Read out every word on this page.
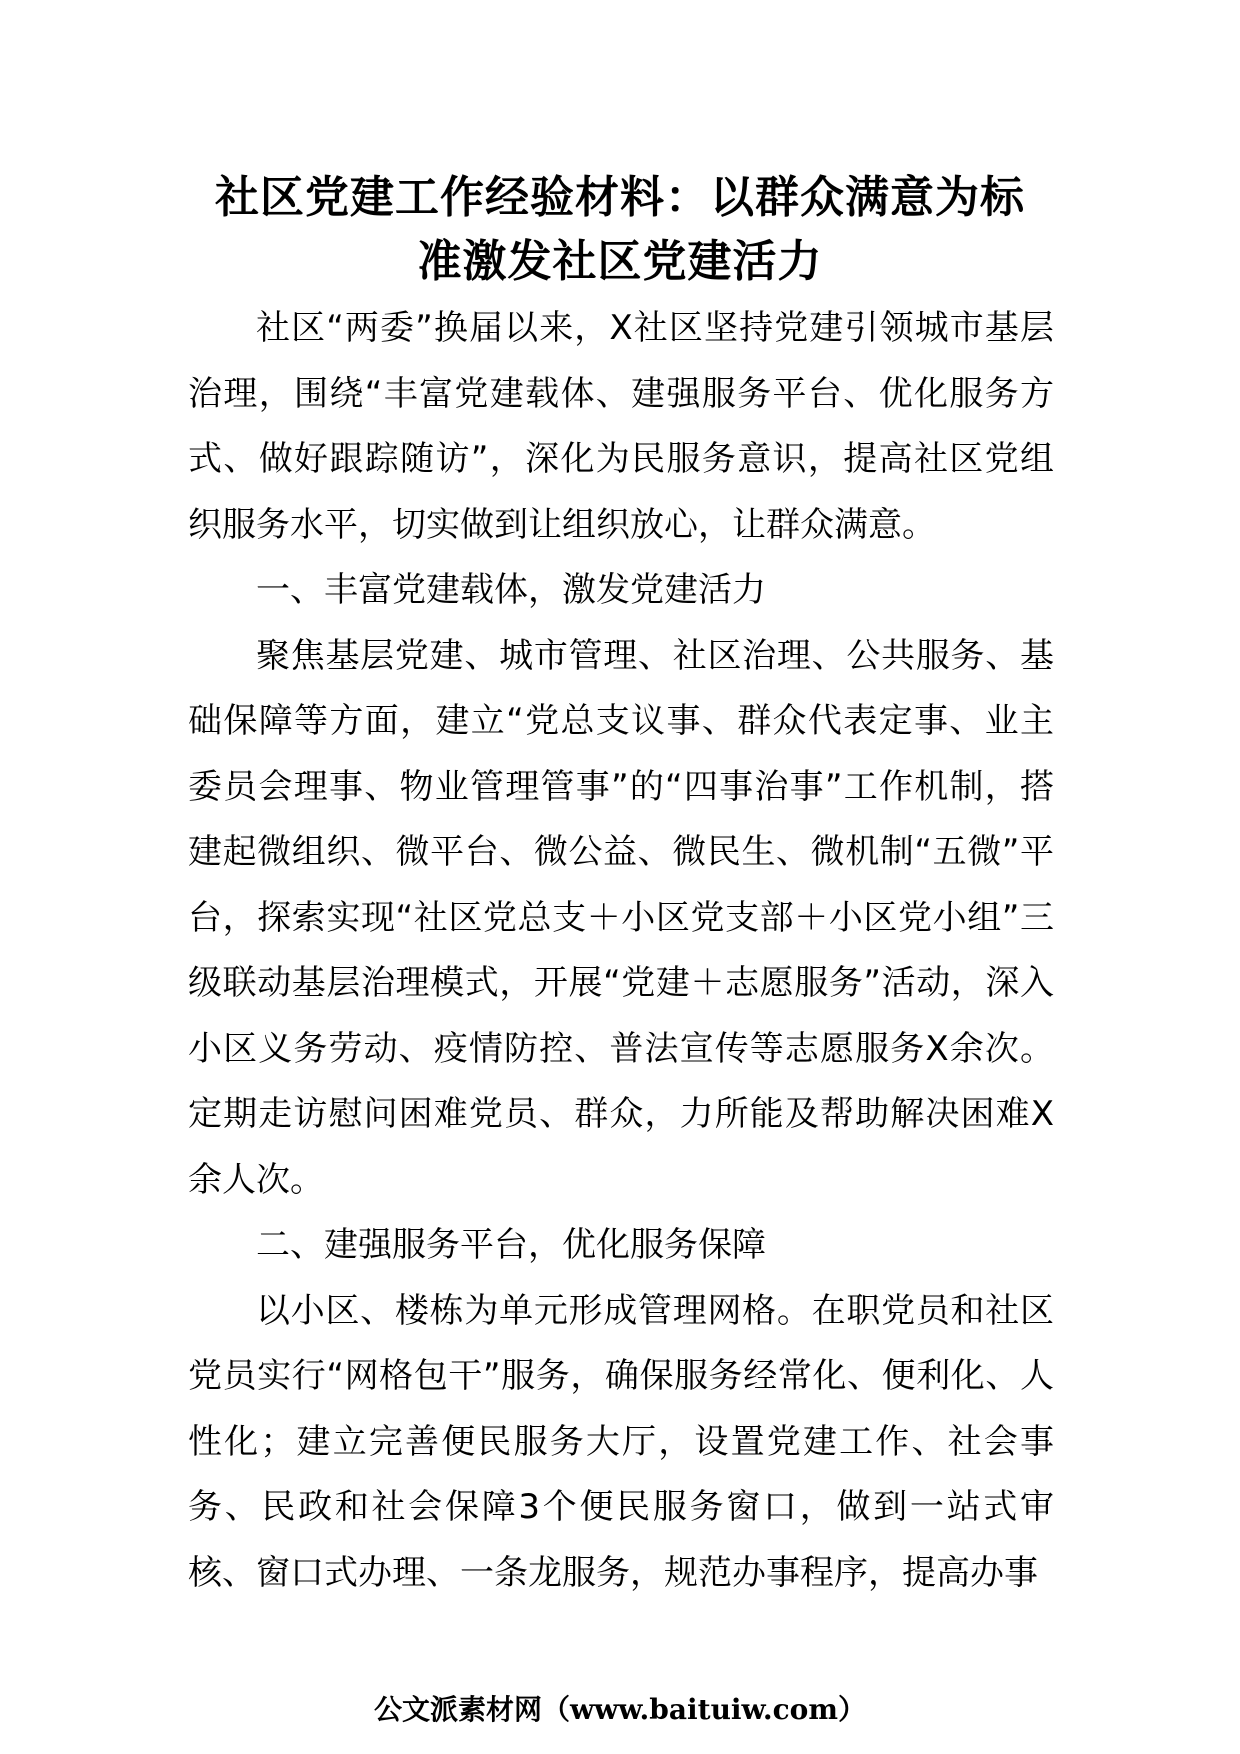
社区党建工作经验材料：以群众满意为标
准激发社区党建活力

社区“两委”换届以来，X社区坚持党建引领城市基层治理，围绕“丰富党建载体、建强服务平台、优化服务方式、做好跟踪随访”，深化为民服务意识，提高社区党组织服务水平，切实做到让组织放心，让群众满意。

一、丰富党建载体，激发党建活力

聚焦基层党建、城市管理、社区治理、公共服务、基础保障等方面，建立“党总支议事、群众代表定事、业主委员会理事、物业管理管事”的“四事治事”工作机制，搭建起微组织、微平台、微公益、微民生、微机制“五微”平台，探索实现“社区党总支＋小区党支部＋小区党小组”三级联动基层治理模式，开展“党建＋志愿服务”活动，深入小区义务劳动、疫情防控、普法宣传等志愿服务X余次。定期走访慰问困难党员、群众，力所能及帮助解决困难X余人次。

二、建强服务平台，优化服务保障

以小区、楼栋为单元形成管理网格。在职党员和社区党员实行“网格包干”服务，确保服务经常化、便利化、人性化；建立完善便民服务大厅，设置党建工作、社会事务、民政和社会保障3个便民服务窗口，做到一站式审核、窗口式办理、一条龙服务，规范办事程序，提高办事

公文派素材网（www.baituiw.com）
